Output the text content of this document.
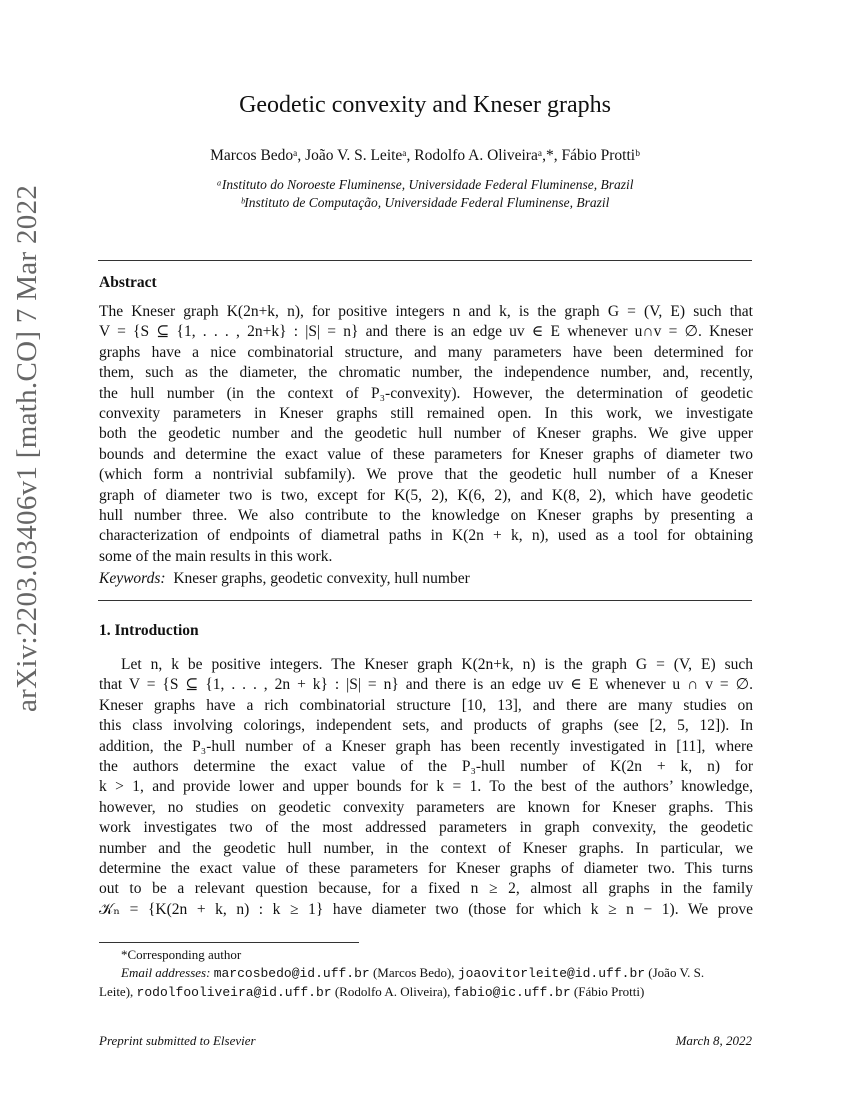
arXiv:2203.03406v1 [math.CO] 7 Mar 2022
Geodetic convexity and Kneser graphs
Marcos Bedoᵃ, João V. S. Leiteᵃ, Rodolfo A. Oliveiraᵃ,*, Fábio Prottiᵇ
ᵃInstituto do Noroeste Fluminense, Universidade Federal Fluminense, Brazil
ᵇInstituto de Computação, Universidade Federal Fluminense, Brazil
Abstract
The Kneser graph K(2n+k, n), for positive integers n and k, is the graph G = (V, E) such that
V = {S ⊆ {1, . . . , 2n+k} : |S| = n} and there is an edge uv ∈ E whenever u∩v = ∅. Kneser
graphs have a nice combinatorial structure, and many parameters have been determined for
them, such as the diameter, the chromatic number, the independence number, and, recently,
the hull number (in the context of P₃-convexity). However, the determination of geodetic
convexity parameters in Kneser graphs still remained open. In this work, we investigate
both the geodetic number and the geodetic hull number of Kneser graphs. We give upper
bounds and determine the exact value of these parameters for Kneser graphs of diameter two
(which form a nontrivial subfamily). We prove that the geodetic hull number of a Kneser
graph of diameter two is two, except for K(5, 2), K(6, 2), and K(8, 2), which have geodetic
hull number three. We also contribute to the knowledge on Kneser graphs by presenting a
characterization of endpoints of diametral paths in K(2n + k, n), used as a tool for obtaining
some of the main results in this work.
Keywords: Kneser graphs, geodetic convexity, hull number
1. Introduction
Let n, k be positive integers. The Kneser graph K(2n+k, n) is the graph G = (V, E) such
that V = {S ⊆ {1, . . . , 2n + k} : |S| = n} and there is an edge uv ∈ E whenever u ∩ v = ∅.
Kneser graphs have a rich combinatorial structure [10, 13], and there are many studies on
this class involving colorings, independent sets, and products of graphs (see [2, 5, 12]). In
addition, the P₃-hull number of a Kneser graph has been recently investigated in [11], where
the authors determine the exact value of the P₃-hull number of K(2n + k, n) for
k > 1, and provide lower and upper bounds for k = 1. To the best of the authors’ knowledge,
however, no studies on geodetic convexity parameters are known for Kneser graphs. This
work investigates two of the most addressed parameters in graph convexity, the geodetic
number and the geodetic hull number, in the context of Kneser graphs. In particular, we
determine the exact value of these parameters for Kneser graphs of diameter two. This turns
out to be a relevant question because, for a fixed n ≥ 2, almost all graphs in the family
𝒦ₙ = {K(2n + k, n) : k ≥ 1} have diameter two (those for which k ≥ n − 1). We prove
*Corresponding author
Email addresses: marcosbedo@id.uff.br (Marcos Bedo), joaovitorleite@id.uff.br (João V. S.
Leite), rodolfooliveira@id.uff.br (Rodolfo A. Oliveira), fabio@ic.uff.br (Fábio Protti)
Preprint submitted to Elsevier	March 8, 2022
